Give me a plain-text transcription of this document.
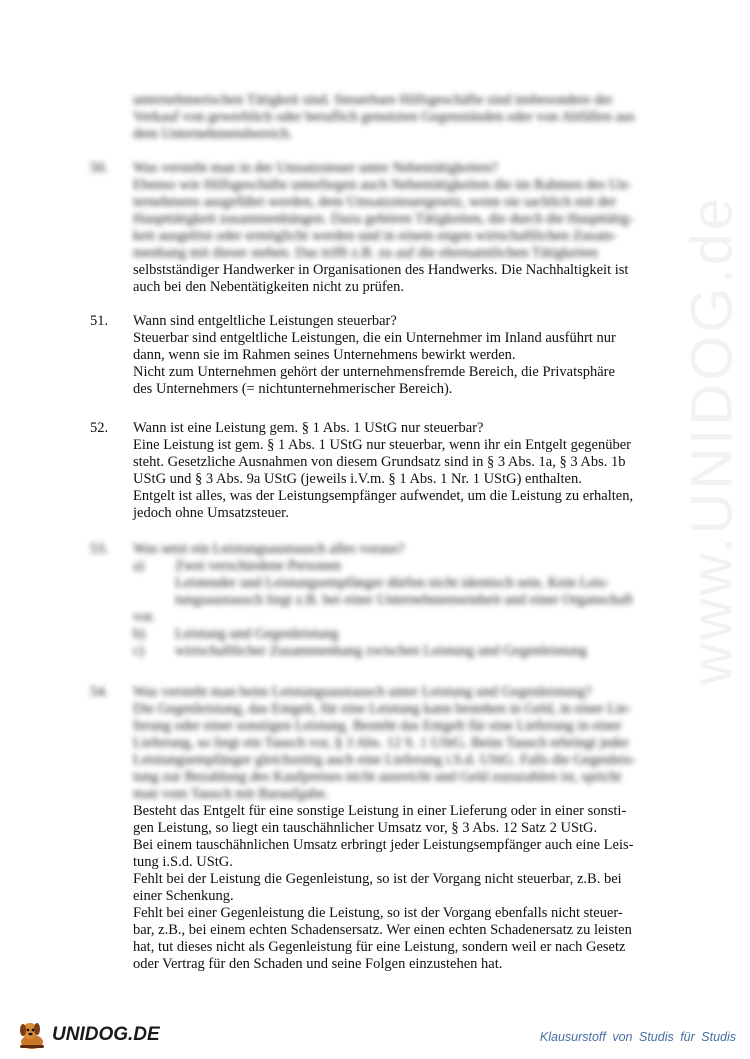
www.UNIDOG.de

unternehmerischen Tätigkeit sind. Steuerbare Hilfsgeschäfte sind insbesondere der

Verkauf von gewerblich oder beruflich genutzten Gegenständen oder von Abfällen aus

dem Unternehmensbereich.

50.	Was versteht man in der Umsatzsteuer unter Nebentätigkeiten?

Ebenso wie Hilfsgeschäfte unterliegen auch Nebentätigkeiten die im Rahmen des Un-

ternehmens ausgeführt werden, dem Umsatzsteuergesetz, wenn sie sachlich mit der

Haupttätigkeit zusammenhängen. Dazu gehören Tätigkeiten, die durch die Haupttätig-

keit ausgelöst oder ermöglicht werden und in einem engen wirtschaftlichen Zusam-

menhang mit dieser stehen. Das trifft z.B. zu auf die ehrenamtlichen Tätigkeiten

selbstständiger Handwerker in Organisationen des Handwerks. Die Nachhaltigkeit ist

auch bei den Nebentätigkeiten nicht zu prüfen.

51.	Wann sind entgeltliche Leistungen steuerbar?

Steuerbar sind entgeltliche Leistungen, die ein Unternehmer im Inland ausführt nur

dann, wenn sie im Rahmen seines Unternehmens bewirkt werden.

Nicht zum Unternehmen gehört der unternehmensfremde Bereich, die Privatsphäre

des Unternehmers (= nichtunternehmerischer Bereich).

52.	Wann ist eine Leistung gem. § 1 Abs. 1 UStG nur steuerbar?

Eine Leistung ist gem. § 1 Abs. 1 UStG nur steuerbar, wenn ihr ein Entgelt gegenüber

steht. Gesetzliche Ausnahmen von diesem Grundsatz sind in § 3 Abs. 1a, § 3 Abs. 1b

UStG und § 3 Abs. 9a UStG (jeweils i.V.m. § 1 Abs. 1 Nr. 1 UStG) enthalten.

Entgelt ist alles, was der Leistungsempfänger aufwendet, um die Leistung zu erhalten,

jedoch ohne Umsatzsteuer.

53.	Was setzt ein Leistungsaustausch alles voraus?

a)	Zwei verschiedene Personen

Leistender und Leistungsempfänger dürfen nicht identisch sein. Kein Leis-

tungsaustausch liegt z.B. bei einer Unternehmenseinheit und einer Organschaft

vor.

b)	Leistung und Gegenleistung
c)	wirtschaftlicher Zusammenhang zwischen Leistung und Gegenleistung
54.	Was versteht man beim Leistungsaustausch unter Leistung und Gegenleistung?

Die Gegenleistung, das Entgelt, für eine Leistung kann bestehen in Geld, in einer Lie-

ferung oder einer sonstigen Leistung. Besteht das Entgelt für eine Lieferung in einer

Lieferung, so liegt ein Tausch vor, § 3 Abs. 12 S. 1 UStG. Beim Tausch erbringt jeder

Leistungsempfänger gleichzeitig auch eine Lieferung i.S.d. UStG. Falls die Gegenleis-

tung zur Bezahlung des Kaufpreises nicht ausreicht und Geld zuzuzahlen ist, spricht

man vom Tausch mit Baraufgabe.

Besteht das Entgelt für eine sonstige Leistung in einer Lieferung oder in einer sonsti-

gen Leistung, so liegt ein tauschähnlicher Umsatz vor, § 3 Abs. 12 Satz 2 UStG.

Bei einem tauschähnlichen Umsatz erbringt jeder Leistungsempfänger auch eine Leis-

tung i.S.d. UStG.

Fehlt bei der Leistung die Gegenleistung, so ist der Vorgang nicht steuerbar, z.B. bei

einer Schenkung.

Fehlt bei einer Gegenleistung die Leistung, so ist der Vorgang ebenfalls nicht steuer-

bar, z.B., bei einem echten Schadensersatz. Wer einen echten Schadenersatz zu leisten

hat, tut dieses nicht als Gegenleistung für eine Leistung, sondern weil er nach Gesetz

oder Vertrag für den Schaden und seine Folgen einzustehen hat.

UNIDOG.DE	Klausurstoff von Studis für Studis
